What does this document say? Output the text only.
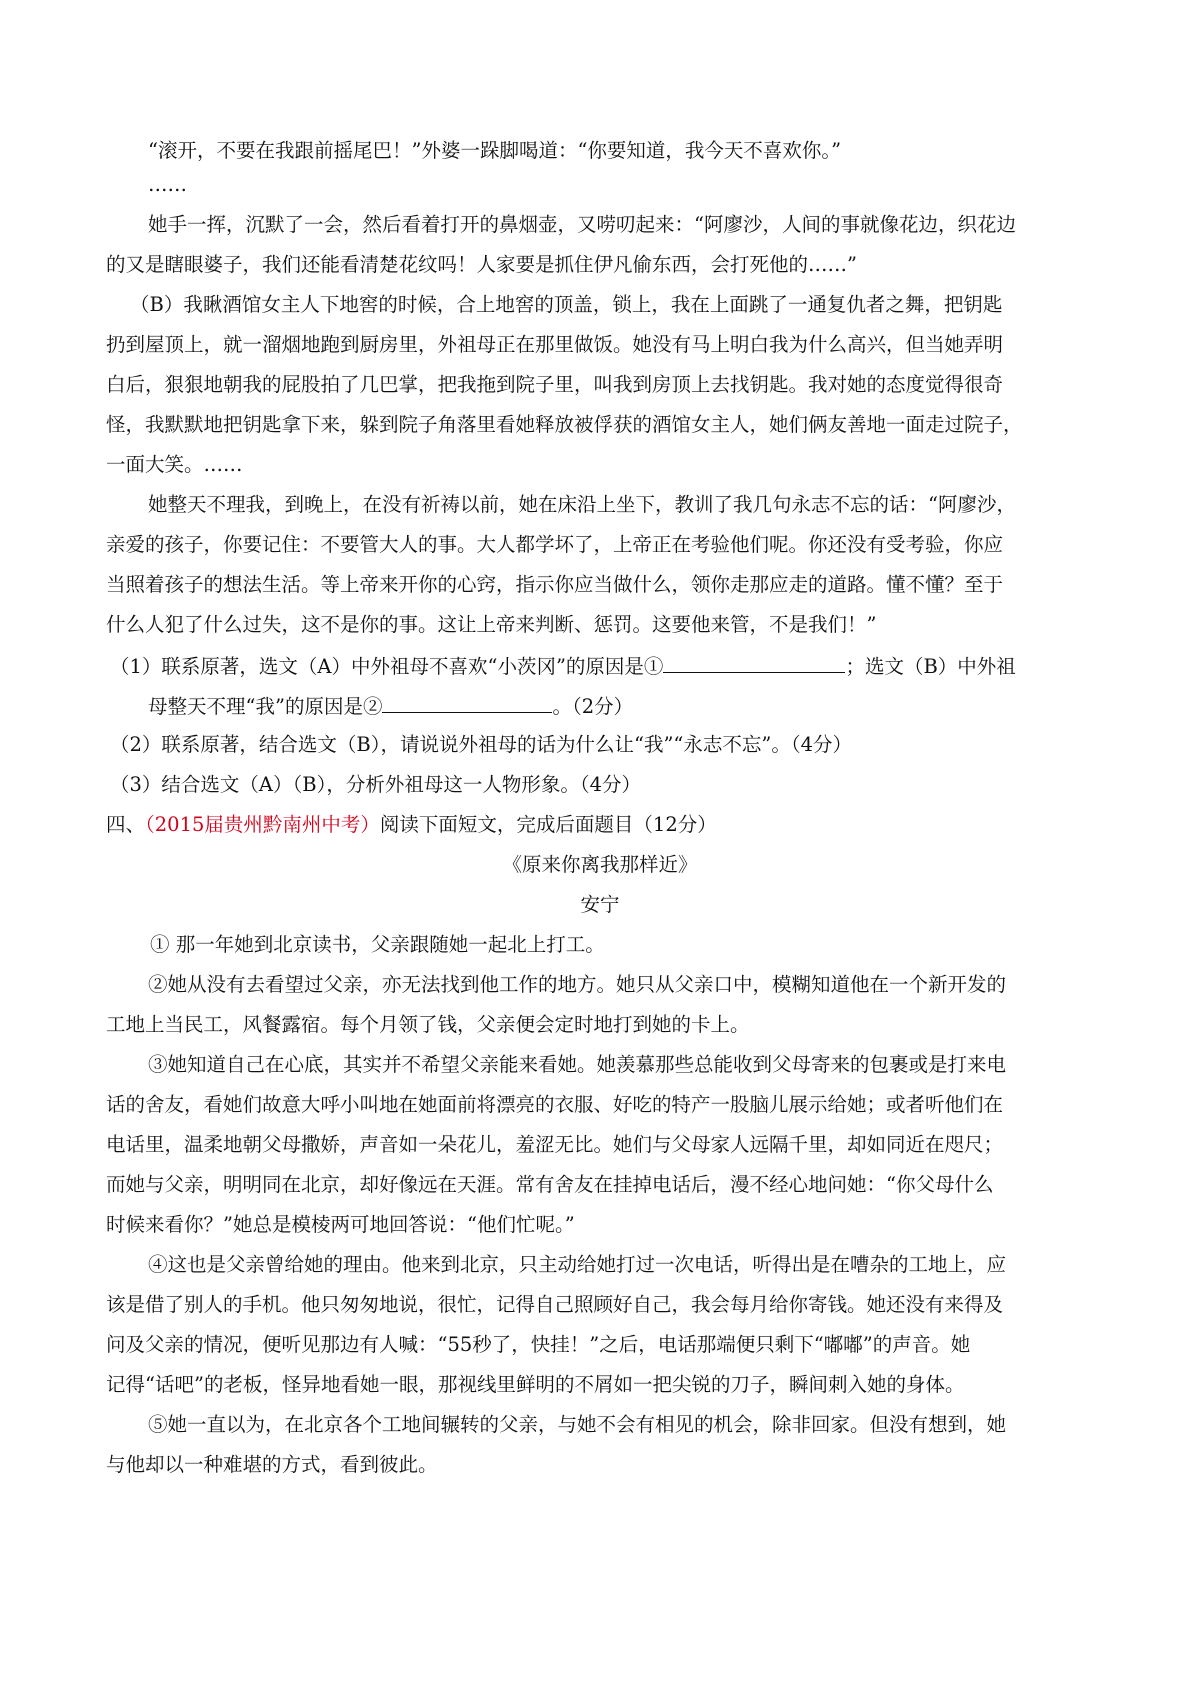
“滚开，不要在我跟前摇尾巴！”外婆一跺脚喝道：“你要知道，我今天不喜欢你。”
……
她手一挥，沉默了一会，然后看着打开的鼻烟壶，又唠叨起来：“阿廖沙，人间的事就像花边，织花边
的又是瞎眼婆子，我们还能看清楚花纹吗！人家要是抓住伊凡偷东西，会打死他的……”
（B）我瞅酒馆女主人下地窖的时候，合上地窖的顶盖，锁上，我在上面跳了一通复仇者之舞，把钥匙
扔到屋顶上，就一溜烟地跑到厨房里，外祖母正在那里做饭。她没有马上明白我为什么高兴，但当她弄明
白后，狠狠地朝我的屁股拍了几巴掌，把我拖到院子里，叫我到房顶上去找钥匙。我对她的态度觉得很奇
怪，我默默地把钥匙拿下来，躲到院子角落里看她释放被俘获的酒馆女主人，她们俩友善地一面走过院子，
一面大笑。……
她整天不理我，到晚上，在没有祈祷以前，她在床沿上坐下，教训了我几句永志不忘的话：“阿廖沙，
亲爱的孩子，你要记住：不要管大人的事。大人都学坏了，上帝正在考验他们呢。你还没有受考验，你应
当照着孩子的想法生活。等上帝来开你的心窍，指示你应当做什么，领你走那应走的道路。懂不懂？至于
什么人犯了什么过失，这不是你的事。这让上帝来判断、惩罚。这要他来管，不是我们！”
（1）联系原著，选文（A）中外祖母不喜欢“小茨冈”的原因是①	；选文（B）中外祖
母整天不理“我”的原因是②	。（2分）
（2）联系原著，结合选文（B），请说说外祖母的话为什么让“我”“永志不忘”。（4分）
（3）结合选文（A）（B），分析外祖母这一人物形象。（4分）
四、（2015届贵州黔南州中考）阅读下面短文，完成后面题目（12分）
《原来你离我那样近》
安宁
① 那一年她到北京读书，父亲跟随她一起北上打工。
②她从没有去看望过父亲，亦无法找到他工作的地方。她只从父亲口中，模糊知道他在一个新开发的
工地上当民工，风餐露宿。每个月领了钱，父亲便会定时地打到她的卡上。
③她知道自己在心底，其实并不希望父亲能来看她。她羡慕那些总能收到父母寄来的包裹或是打来电
话的舍友，看她们故意大呼小叫地在她面前将漂亮的衣服、好吃的特产一股脑儿展示给她；或者听他们在
电话里，温柔地朝父母撒娇，声音如一朵花儿，羞涩无比。她们与父母家人远隔千里，却如同近在咫尺；
而她与父亲，明明同在北京，却好像远在天涯。常有舍友在挂掉电话后，漫不经心地问她：“你父母什么
时候来看你？”她总是模棱两可地回答说：“他们忙呢。”
④这也是父亲曾给她的理由。他来到北京，只主动给她打过一次电话，听得出是在嘈杂的工地上，应
该是借了别人的手机。他只匆匆地说，很忙，记得自己照顾好自己，我会每月给你寄钱。她还没有来得及
问及父亲的情况，便听见那边有人喊：“55秒了，快挂！”之后，电话那端便只剩下“嘟嘟”的声音。她
记得“话吧”的老板，怪异地看她一眼，那视线里鲜明的不屑如一把尖锐的刀子，瞬间刺入她的身体。
⑤她一直以为，在北京各个工地间辗转的父亲，与她不会有相见的机会，除非回家。但没有想到，她
与他却以一种难堪的方式，看到彼此。
